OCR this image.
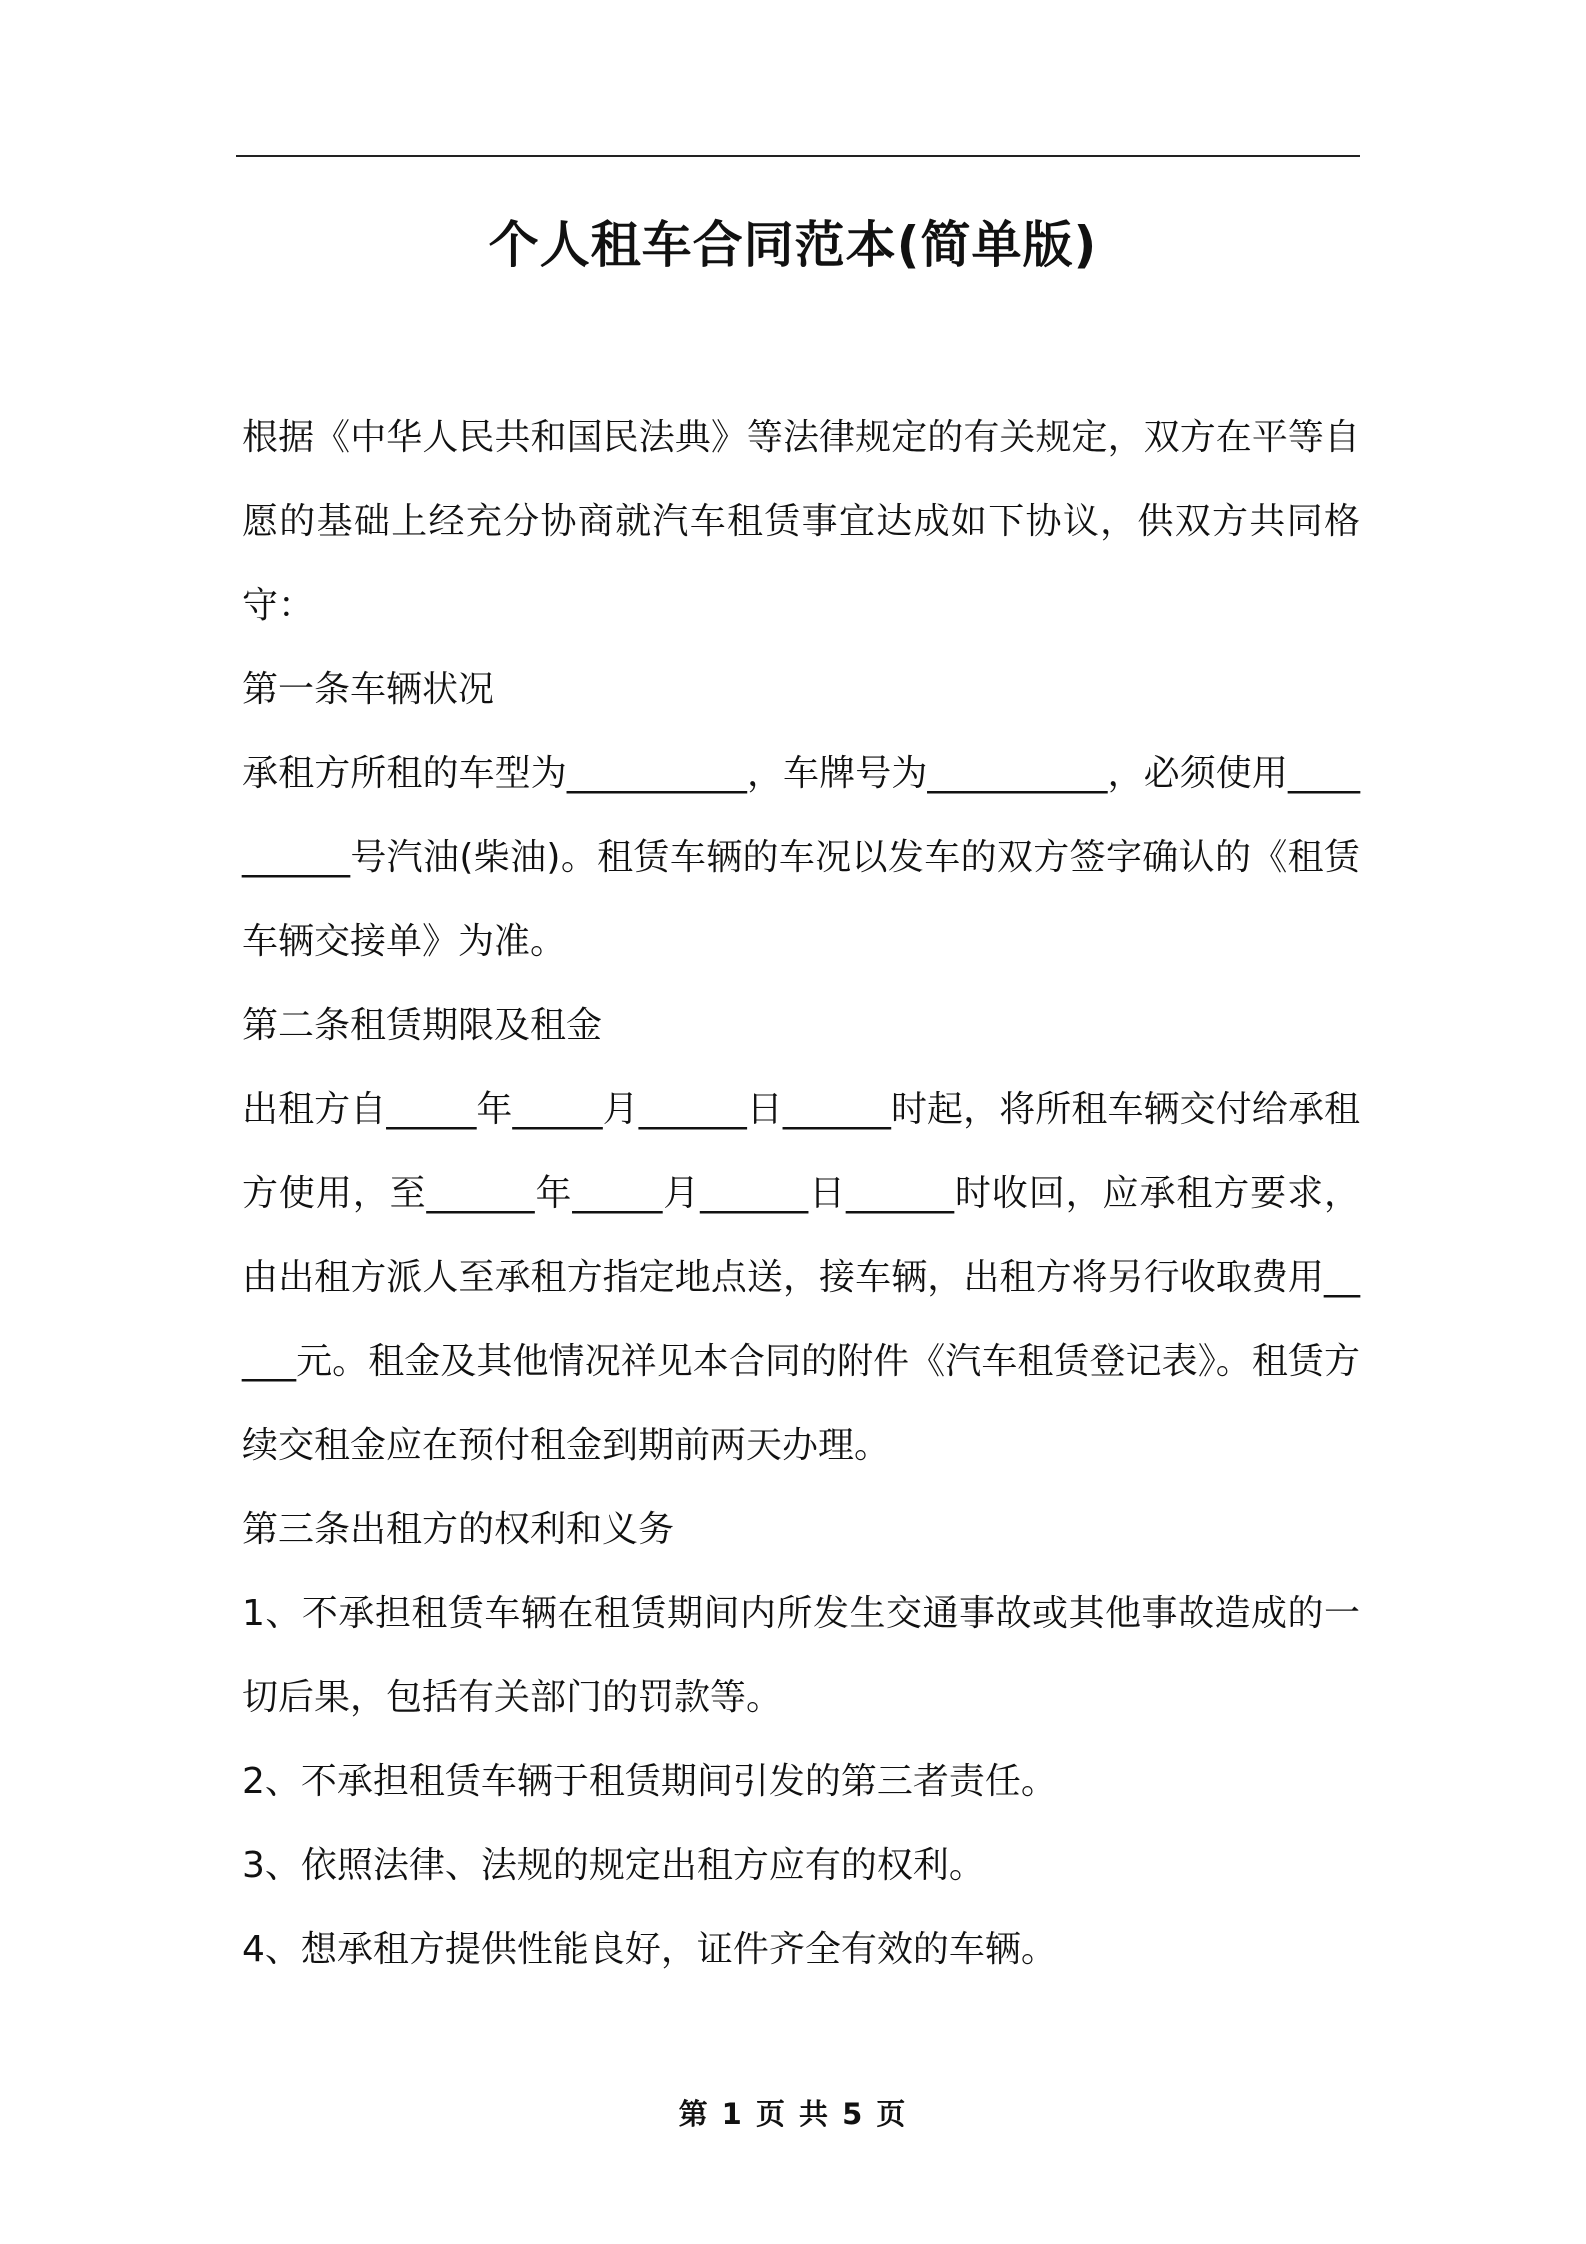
个人租车合同范本(简单版)

根据《中华人民共和国民法典》等法律规定的有关规定，双方在平等自愿的基础上经充分协商就汽车租赁事宜达成如下协议，供双方共同格守：

第一条车辆状况

承租方所租的车型为__________，车牌号为__________，必须使用__________号汽油(柴油)。租赁车辆的车况以发车的双方签字确认的《租赁车辆交接单》为准。

第二条租赁期限及租金

出租方自_____年_____月______日______时起，将所租车辆交付给承租方使用，至______年_____月______日______时收回，应承租方要求，由出租方派人至承租方指定地点送，接车辆，出租方将另行收取费用_____元。租金及其他情况祥见本合同的附件《汽车租赁登记表》。租赁方续交租金应在预付租金到期前两天办理。

第三条出租方的权利和义务

1、不承担租赁车辆在租赁期间内所发生交通事故或其他事故造成的一切后果，包括有关部门的罚款等。

2、不承担租赁车辆于租赁期间引发的第三者责任。

3、依照法律、法规的规定出租方应有的权利。

4、想承租方提供性能良好，证件齐全有效的车辆。

第 1 页 共 5 页
